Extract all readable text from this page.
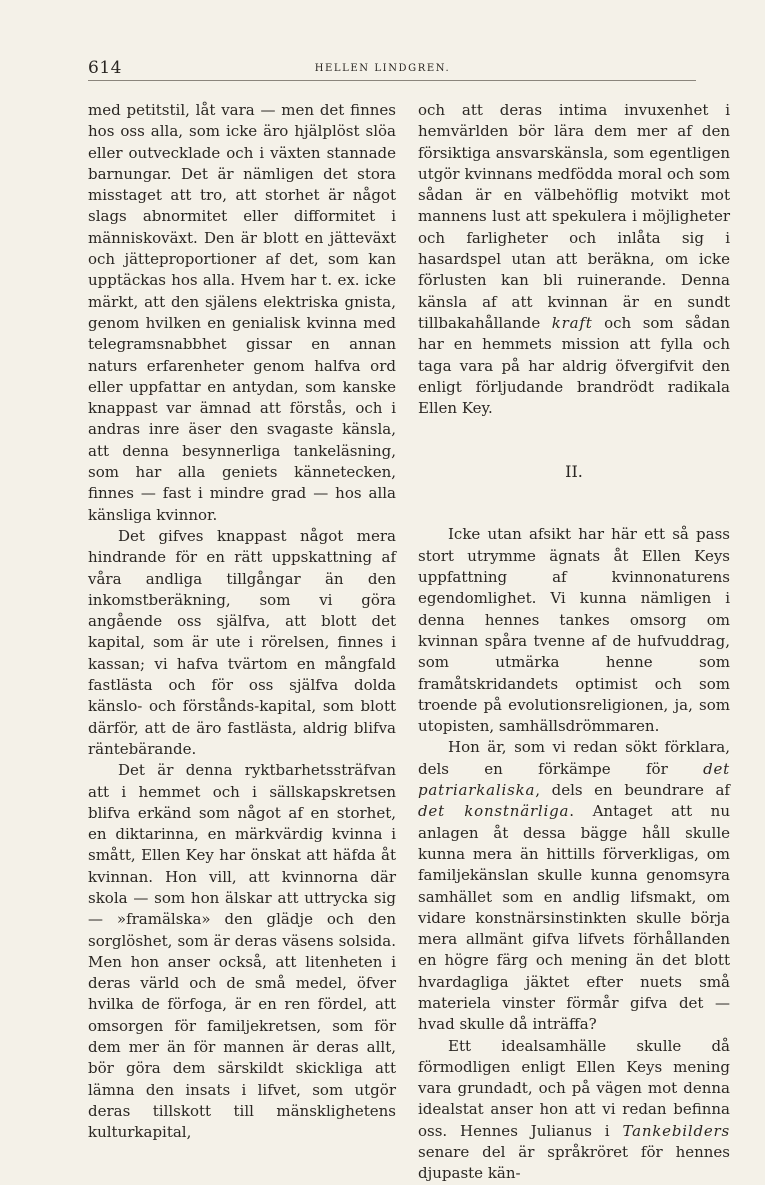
614	HELLEN LINDGREN.

med petitstil, låt vara — men det finnes hos oss alla, som icke äro hjälplöst slöa eller outvecklade och i växten stannade barnungar. Det är nämligen det stora misstaget att tro, att storhet är något slags abnormitet eller difformitet i människoväxt. Den är blott en jätteväxt och jätteproportioner af det, som kan upptäckas hos alla. Hvem har t. ex. icke märkt, att den själens elektriska gnista, genom hvilken en genialisk kvinna med telegramsnabbhet gissar en annan naturs erfarenheter genom halfva ord eller uppfattar en antydan, som kanske knappast var ämnad att förstås, och i andras inre äser den svagaste känsla, att denna besynnerliga tankeläsning, som har alla geniets kännetecken, finnes — fast i mindre grad — hos alla känsliga kvinnor.

Det gifves knappast något mera hindrande för en rätt uppskattning af våra andliga tillgångar än den inkomstberäkning, som vi göra angående oss själfva, att blott det kapital, som är ute i rörelsen, finnes i kassan; vi hafva tvärtom en mångfald fastlästa och för oss själfva dolda känslo- och förstånds-kapital, som blott därför, att de äro fastlästa, aldrig blifva räntebärande.

Det är denna ryktbarhetssträfvan att i hemmet och i sällskapskretsen blifva erkänd som något af en storhet, en diktarinna, en märkvärdig kvinna i smått, Ellen Key har önskat att häfda åt kvinnan. Hon vill, att kvinnorna där skola — som hon älskar att uttrycka sig — »framälska» den glädje och den sorglöshet, som är deras väsens solsida. Men hon anser också, att litenheten i deras värld och de små medel, öfver hvilka de förfoga, är en ren fördel, att omsorgen för familjekretsen, som för dem mer än för mannen är deras allt, bör göra dem särskildt skickliga att lämna den insats i lifvet, som utgör deras tillskott till mänsklighetens kulturkapital,

och att deras intima invuxenhet i hemvärlden bör lära dem mer af den försiktiga ansvarskänsla, som egentligen utgör kvinnans medfödda moral och som sådan är en välbehöflig motvikt mot mannens lust att spekulera i möjligheter och farligheter och inlåta sig i hasardspel utan att beräkna, om icke förlusten kan bli ruinerande. Denna känsla af att kvinnan är en sundt tillbakahållande kraft och som sådan har en hemmets mission att fylla och taga vara på har aldrig öfvergifvit den enligt förljudande brandrödt radikala Ellen Key.

II.

Icke utan afsikt har här ett så pass stort utrymme ägnats åt Ellen Keys uppfattning af kvinnonaturens egendomlighet. Vi kunna nämligen i denna hennes tankes omsorg om kvinnan spåra tvenne af de hufvuddrag, som utmärka henne som framåtskridandets optimist och som troende på evolutionsreligionen, ja, som utopisten, samhällsdrömmaren.

Hon är, som vi redan sökt förklara, dels en förkämpe för det patriarkaliska, dels en beundrare af det konstnärliga. Antaget att nu anlagen åt dessa bägge håll skulle kunna mera än hittills förverkligas, om familjekänslan skulle kunna genomsyra samhället som en andlig lifsmakt, om vidare konstnärsinstinkten skulle börja mera allmänt gifva lifvets förhållanden en högre färg och mening än det blott hvardagliga jäktet efter nuets små materiela vinster förmår gifva det — hvad skulle då inträffa?

Ett idealsamhälle skulle då förmodligen enligt Ellen Keys mening vara grundadt, och på vägen mot denna idealstat anser hon att vi redan befinna oss. Hennes Julianus i Tankebilders senare del är språkröret för hennes djupaste kän-
